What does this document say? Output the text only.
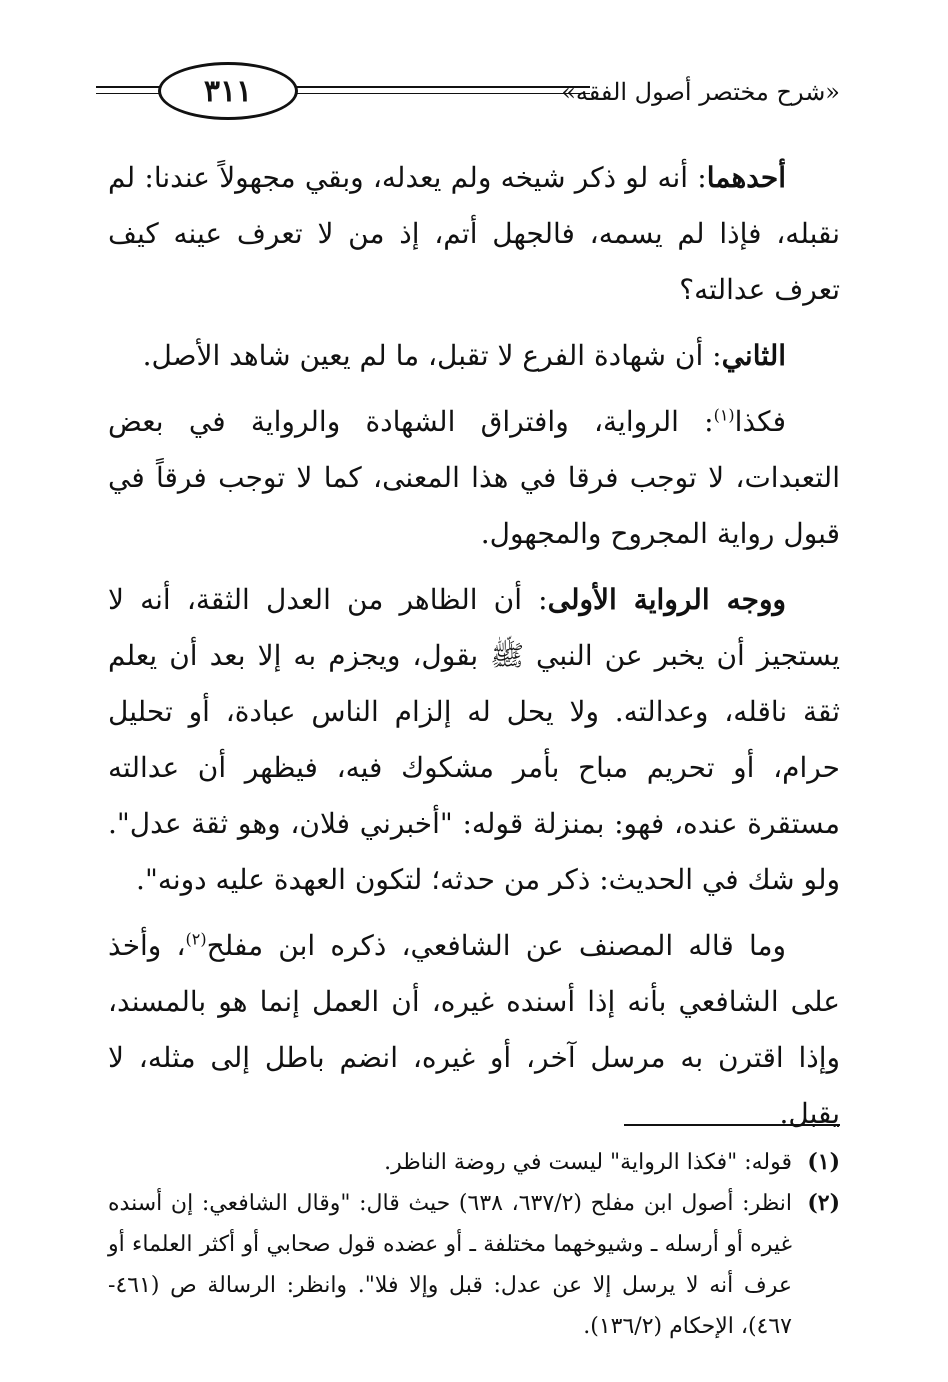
«شرح مختصر أصول الفقه»
٣١١

أحدهما: أنه لو ذكر شيخه ولم يعدله، وبقي مجهولاً عندنا: لم نقبله، فإذا لم يسمه، فالجهل أتم، إذ من لا تعرف عينه كيف تعرف عدالته؟

الثاني: أن شهادة الفرع لا تقبل، ما لم يعين شاهد الأصل.

فكذا$^{(١)}$: الرواية، وافتراق الشهادة والرواية في بعض التعبدات، لا توجب فرقا في هذا المعنى، كما لا توجب فرقاً في قبول رواية المجروح والمجهول.

ووجه الرواية الأولى: أن الظاهر من العدل الثقة، أنه لا يستجيز أن يخبر عن النبي ﷺ بقول، ويجزم به إلا بعد أن يعلم ثقة ناقله، وعدالته. ولا يحل له إلزام الناس عبادة، أو تحليل حرام، أو تحريم مباح بأمر مشكوك فيه، فيظهر أن عدالته مستقرة عنده، فهو: بمنزلة قوله: "أخبرني فلان، وهو ثقة عدل". ولو شك في الحديث: ذكر من حدثه؛ لتكون العهدة عليه دونه".

وما قاله المصنف عن الشافعي، ذكره ابن مفلح$^{(٢)}$، وأخذ على الشافعي بأنه إذا أسنده غيره، أن العمل إنما هو بالمسند، وإذا اقترن به مرسل آخر، أو غيره، انضم باطل إلى مثله، لا يقبل.

(١)قوله: "فكذا الرواية" ليست في روضة الناظر.

(٢)انظر: أصول ابن مفلح (٦٣٧/٢، ٦٣٨) حيث قال: "وقال الشافعي: إن أسنده غيره أو أرسله ـ وشيوخهما مختلفة ـ أو عضده قول صحابي أو أكثر العلماء أو عرف أنه لا يرسل إلا عن عدل: قبل وإلا فلا". وانظر: الرسالة ص (٤٦١- ٤٦٧)، الإحكام (١٣٦/٢).
